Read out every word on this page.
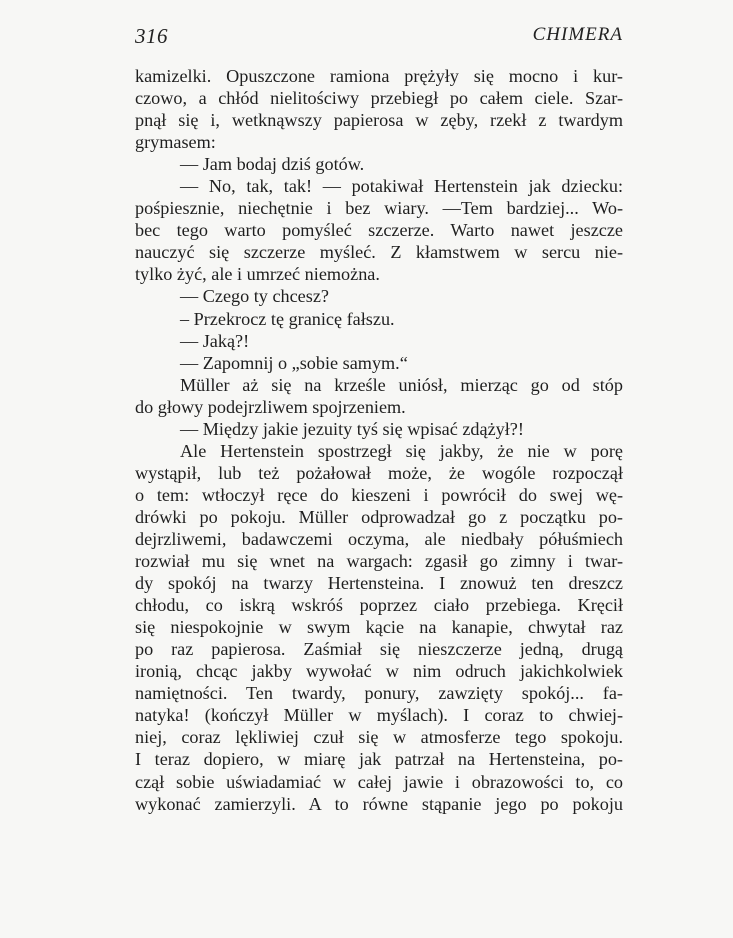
316	CHIMERA
kamizelki. Opuszczone ramiona prężyły się mocno i kur-
czowo, a chłód nielitościwy przebiegł po całem ciele. Szar-
pnął się i, wetknąwszy papierosa w zęby, rzekł z twardym
grymasem:
— Jam bodaj dziś gotów.
— No, tak, tak! — potakiwał Hertenstein jak dziecku:
pośpiesznie, niechętnie i bez wiary. —Tem bardziej... Wo-
bec tego warto pomyśleć szczerze. Warto nawet jeszcze
nauczyć się szczerze myśleć. Z kłamstwem w sercu nie-
tylko żyć, ale i umrzeć niemożna.
— Czego ty chcesz?
– Przekrocz tę granicę fałszu.
— Jaką?!
— Zapomnij o „sobie samym.“
Müller aż się na krześle uniósł, mierząc go od stóp
do głowy podejrzliwem spojrzeniem.
— Między jakie jezuity tyś się wpisać zdążył?!
Ale Hertenstein spostrzegł się jakby, że nie w porę
wystąpił, lub też pożałował może, że wogóle rozpoczął
o tem: wtłoczył ręce do kieszeni i powrócił do swej wę-
drówki po pokoju. Müller odprowadzał go z początku po-
dejrzliwemi, badawczemi oczyma, ale niedbały półuśmiech
rozwiał mu się wnet na wargach: zgasił go zimny i twar-
dy spokój na twarzy Hertensteina. I znowuż ten dreszcz
chłodu, co iskrą wskróś poprzez ciało przebiega. Kręcił
się niespokojnie w swym kącie na kanapie, chwytał raz
po raz papierosa. Zaśmiał się nieszczerze jedną, drugą
ironią, chcąc jakby wywołać w nim odruch jakichkolwiek
namiętności. Ten twardy, ponury, zawzięty spokój... fa-
natyka! (kończył Müller w myślach). I coraz to chwiej-
niej, coraz lękliwiej czuł się w atmosferze tego spokoju.
I teraz dopiero, w miarę jak patrzał na Hertensteina, po-
czął sobie uświadamiać w całej jawie i obrazowości to, co
wykonać zamierzyli. A to równe stąpanie jego po pokoju
